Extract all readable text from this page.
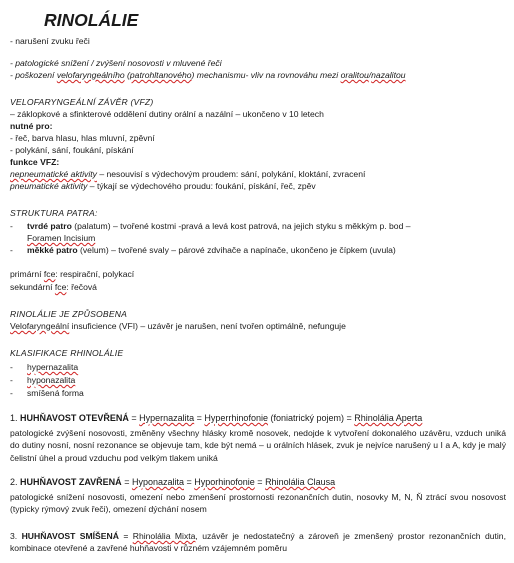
RINOLÁLIE
- narušení zvuku řeči
- patologické snížení / zvýšení nosovosti v mluvené řeči
- poškození velofaryngeálního (patrohltanového) mechanismu- vliv na rovnováhu mezi oralitou/nazalitou
VELOFARYNGEÁLNÍ ZÁVĚR (VFZ)
– záklopkové a sfinkterové oddělení dutiny orální a nazální – ukončeno v 10 letech
nutné pro:
- řeč, barva hlasu, hlas mluvní, zpěvní
- polykání, sání, foukání, pískání
funkce VFZ:
nepneumatické aktivity – nesouvisí s výdechovým proudem: sání, polykání, kloktání, zvracení
pneumatické aktivity – týkají se výdechového proudu: foukání, pískání, řeč, zpěv
STRUKTURA PATRA:
- tvrdé patro (palatum) – tvořené kostmi -pravá a levá kost patrová, na jejich styku s měkkým p. bod –
Foramen Incisium
- měkké patro (velum) – tvořené svaly – párové zdvihače a napínače, ukončeno je čípkem (uvula)
primární fce: respirační, polykací
sekundární fce: řečová
RINOLÁLIE JE ZPŮSOBENA
Velofaryngeální insuficience (VFI) – uzávěr je narušen, není tvořen optimálně, nefunguje
KLASIFIKACE RHINOLÁLIE
- hypernazalita
- hyponazalita
- smíšená forma
1. HUHŇAVOST OTEVŘENÁ = Hypernazalita = Hyperrhinofonie (foniatrický pojem) = Rhinolália Aperta
patologické zvýšení nosovosti, změněny všechny hlásky kromě nosovek, nedojde k vytvoření dokonalého uzávěru, vzduch uniká do dutiny nosní, nosní rezonance se objevuje tam, kde být nemá – u orálních hlásek, zvuk je nejvíce narušený u I a A, kdy je malý čelistní úhel a proud vzduchu pod velkým tlakem uniká
2. HUHŇAVOST ZAVŘENÁ = Hyponazalita = Hyporhinofonie = Rhinolália Clausa
patologické snížení nosovosti, omezení nebo zmenšení prostornosti rezonančních dutin, nosovky M, N, Ň ztrácí svou nosovost (typicky rýmový zvuk řeči), omezení dýchání nosem
3. HUHŇAVOST SMÍŠENÁ = Rhinolália Mixta, uzávěr je nedostatečný a zároveň je zmenšený prostor rezonančních dutin, kombinace otevřené a zavřené huhňavosti v různém vzájemném poměru
